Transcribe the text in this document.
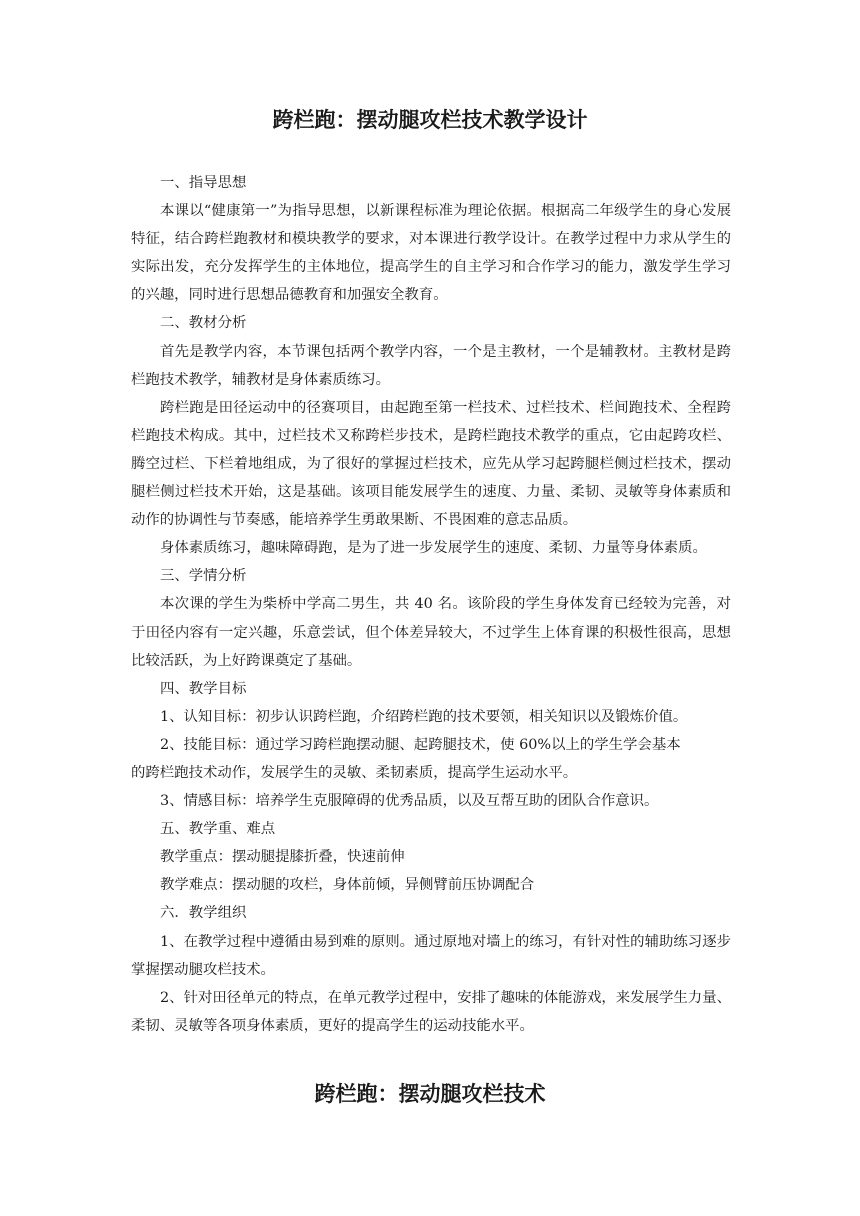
跨栏跑：摆动腿攻栏技术教学设计

一、指导思想

本课以“健康第一”为指导思想，以新课程标准为理论依据。根据高二年级学生的身心发展特征，结合跨栏跑教材和模块教学的要求，对本课进行教学设计。在教学过程中力求从学生的实际出发，充分发挥学生的主体地位，提高学生的自主学习和合作学习的能力，激发学生学习的兴趣，同时进行思想品德教育和加强安全教育。

二、教材分析

首先是教学内容，本节课包括两个教学内容，一个是主教材，一个是辅教材。主教材是跨栏跑技术教学，辅教材是身体素质练习。

跨栏跑是田径运动中的径赛项目，由起跑至第一栏技术、过栏技术、栏间跑技术、全程跨栏跑技术构成。其中，过栏技术又称跨栏步技术，是跨栏跑技术教学的重点，它由起跨攻栏、腾空过栏、下栏着地组成，为了很好的掌握过栏技术，应先从学习起跨腿栏侧过栏技术，摆动腿栏侧过栏技术开始，这是基础。该项目能发展学生的速度、力量、柔韧、灵敏等身体素质和动作的协调性与节奏感，能培养学生勇敢果断、不畏困难的意志品质。

身体素质练习，趣味障碍跑，是为了进一步发展学生的速度、柔韧、力量等身体素质。

三、学情分析

本次课的学生为柴桥中学高二男生，共 40 名。该阶段的学生身体发育已经较为完善，对于田径内容有一定兴趣，乐意尝试，但个体差异较大，不过学生上体育课的积极性很高，思想比较活跃，为上好跨课奠定了基础。

四、教学目标

1、认知目标：初步认识跨栏跑，介绍跨栏跑的技术要领，相关知识以及锻炼价值。

2、技能目标：通过学习跨栏跑摆动腿、起跨腿技术，使 60%以上的学生学会基本

的跨栏跑技术动作，发展学生的灵敏、柔韧素质，提高学生运动水平。

3、情感目标：培养学生克服障碍的优秀品质，以及互帮互助的团队合作意识。

五、教学重、难点

教学重点：摆动腿提膝折叠，快速前伸

教学难点：摆动腿的攻栏，身体前倾，异侧臂前压协调配合

六．教学组织

1、在教学过程中遵循由易到难的原则。通过原地对墙上的练习，有针对性的辅助练习逐步掌握摆动腿攻栏技术。

2、针对田径单元的特点，在单元教学过程中，安排了趣味的体能游戏，来发展学生力量、柔韧、灵敏等各项身体素质，更好的提高学生的运动技能水平。

跨栏跑：摆动腿攻栏技术
